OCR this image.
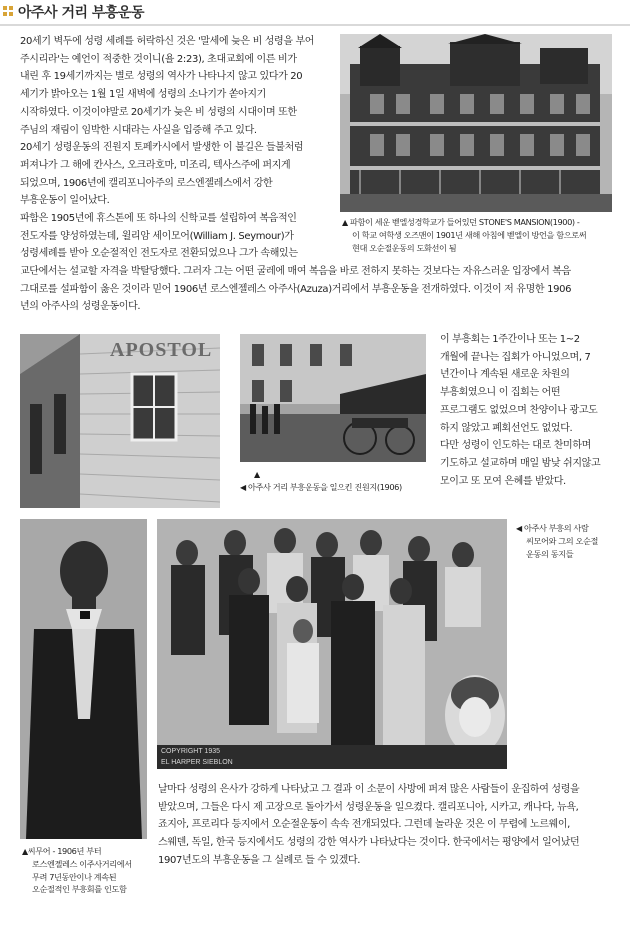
아주사 거리 부흥운동
20세기 벽두에 성령 세례를 허락하신 것은 '말세에 늦은 비 성령을 부어
주시리라'는 예언이 적중한 것이니(욜 2:23), 초대교회에 이른 비가
내린 후 19세기까지는 별로 성령의 역사가 나타나지 않고 있다가 20
세기가 밝아오는 1월 1일 새벽에 성령의 소나기가 쏟아지기
시작하였다. 이것이야말로 20세기가 늦은 비 성령의 시대이며 또한
주님의 재림이 임박한 시대라는 사실을 입증해 주고 있다.
20세기 성령운동의 진원지 토페카시에서 발생한 이 불길은 들불처럼
퍼져나가 그 해에 칸사스, 오크라호마, 미조리, 텍사스주에 퍼지게
되었으며, 1906년에 캘리포니아주의 로스엔젤레스에서 강한
부흥운동이 일어났다.
파함은 1905년에 휴스톤에 또 하나의 신학교를 설립하여 복음적인
전도자를 양성하였는데, 윌리암 세이모어(William J. Seymour)가
성령세례를 받아 오순절적인 전도자로 전환되었으나 그가 속해있는
▲ 파함이 세운 벧엘성경학교가 들어있던 STONE'S MANSION(1900) -
이 학교 여학생 오즈맨이 1901년 새해 아침에 벧엘이 방언을 함으로써
현대 오순절운동의 도화선이 됨
교단에서는 설교할 자격을 박탈당했다. 그러자 그는 어떤 굴레에 매여 복음을 바로 전하지 못하는 것보다는 자유스러운 입장에서 복음
그대로를 설파함이 옳은 것이라 믿어 1906년 로스엔젤레스 아주사(Azuza)거리에서 부흥운동을 전개하였다. 이것이 저 유명한 1906
년의 아주사의 성령운동이다.
APOSTOL
▲
◀ 아주사 거리 부흥운동을 일으킨 진원지(1906)
이 부흥회는 1주간이나 또는 1~2
개월에 끝나는 집회가 아니었으며, 7
년간이나 계속된 새로운 차원의
부흥회였으니 이 집회는 어떤
프로그램도 없었으며 찬양이나 광고도
하지 않았고 폐회선언도 없었다.
다만 성령이 인도하는 대로 찬미하며
기도하고 설교하며 매일 밤낮 쉬지않고
모이고 또 모여 은혜를 받았다.
▲씨무어 - 1906년 부터
로스엔젤레스 이주사거리에서
무려 7년동안이나 계속된
오순절적인 부흥회를 인도함
COPYRIGHT 1935
EL HARPER SIEBLON
◀ 아주사 부흥의 사람
씨모어와 그의 오순절
운동의 동지들
날마다 성령의 은사가 강하게 나타났고 그 결과 이 소문이 사방에 퍼져 많은 사람들이 운집하여 성령을
받았으며, 그들은 다시 제 고장으로 돌아가서 성령운동을 일으켰다. 캘리포니아, 시카고, 캐나다, 뉴욕,
죠지아, 프로리다 등지에서 오순절운동이 속속 전개되었다. 그런데 놀라운 것은 이 무렵에 노르웨이,
스웨덴, 독일, 한국 등지에서도 성령의 강한 역사가 나타났다는 것이다. 한국에서는 평양에서 일어났던
1907년도의 부흥운동을 그 실례로 들 수 있겠다.
